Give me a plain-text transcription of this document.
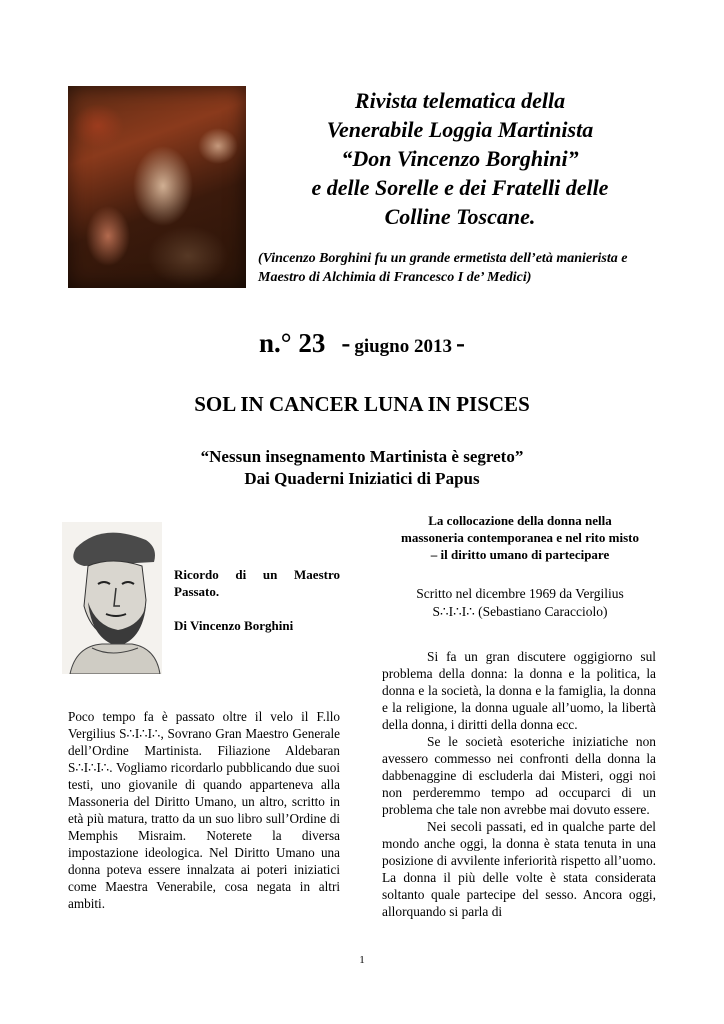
Rivista telematica della
Venerabile Loggia Martinista
“Don Vincenzo Borghini”
e delle Sorelle e dei Fratelli delle
Colline Toscane.
(Vincenzo Borghini fu un grande ermetista dell’età manierista e Maestro di Alchimia di Francesco I de’ Medici)
n.° 23 - giugno 2013 -
SOL IN CANCER LUNA IN PISCES
“Nessun insegnamento Martinista è segreto”
Dai Quaderni Iniziatici di Papus

Ricordo di un Maestro Passato.

Di Vincenzo Borghini

Poco tempo fa è passato oltre il velo il F.llo Vergilius S∴I∴I∴, Sovrano Gran Maestro Generale dell’Ordine Martinista. Filiazione Aldebaran S∴I∴I∴. Vogliamo ricordarlo pubblicando due suoi testi, uno giovanile di quando apparteneva alla Massoneria del Diritto Umano, un altro, scritto in età più matura, tratto da un suo libro sull’Ordine di Memphis Misraim. Noterete la diversa impostazione ideologica. Nel Diritto Umano una donna poteva essere innalzata ai poteri iniziatici come Maestra Venerabile, cosa negata in altri ambiti.
La collocazione della donna nella
massoneria contemporanea e nel rito misto
– il diritto umano di partecipare
Scritto nel dicembre 1969 da Vergilius
S∴I∴I∴ (Sebastiano Caracciolo)

Si fa un gran discutere oggigiorno sul problema della donna: la donna e la politica, la donna e la società, la donna e la famiglia, la donna e la religione, la donna uguale all’uomo, la libertà della donna, i diritti della donna ecc.

Se le società esoteriche iniziatiche non avessero commesso nei confronti della donna la dabbenaggine di escluderla dai Misteri, oggi noi non perderemmo tempo ad occuparci di un problema che tale non avrebbe mai dovuto essere.

Nei secoli passati, ed in qualche parte del mondo anche oggi, la donna è stata tenuta in una posizione di avvilente inferiorità rispetto all’uomo. La donna il più delle volte è stata considerata soltanto quale partecipe del sesso. Ancora oggi, allorquando si parla di

1
